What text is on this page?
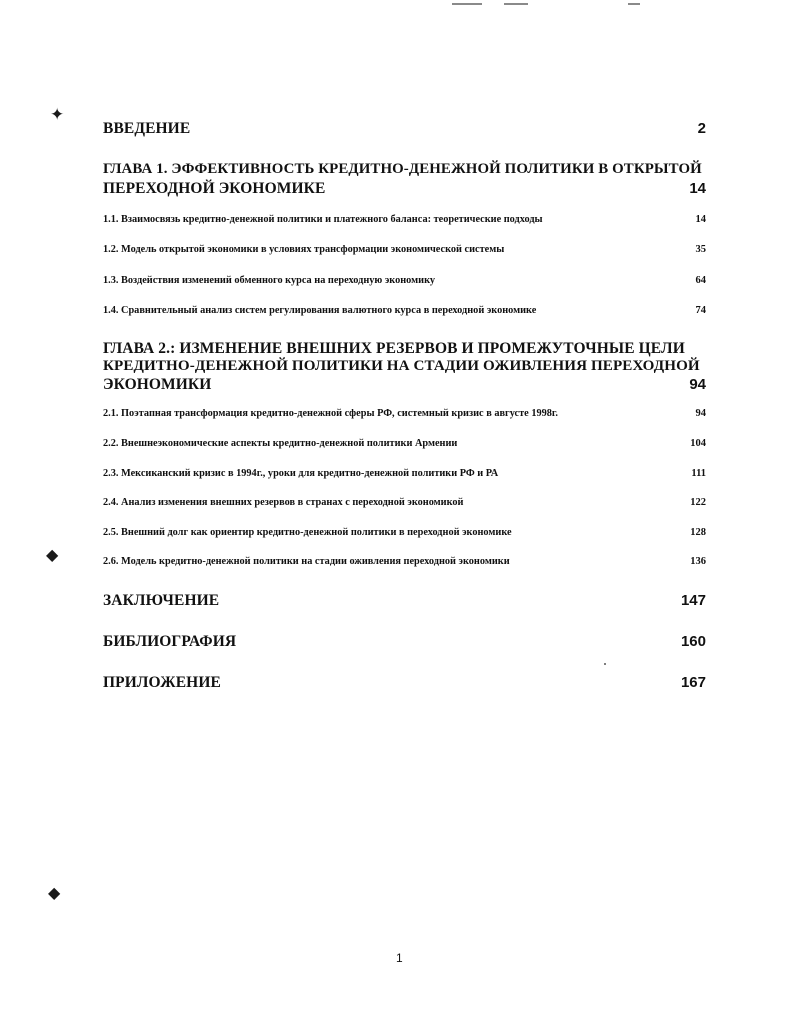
✦
◆
◆
ВВЕДЕНИЕ	2
ГЛАВА 1. ЭФФЕКТИВНОСТЬ КРЕДИТНО-ДЕНЕЖНОЙ ПОЛИТИКИ В ОТКРЫТОЙ
ПЕРЕХОДНОЙ ЭКОНОМИКЕ	14
1.1. Взаимосвязь кредитно-денежной политики и платежного баланса: теоретические подходы	14
1.2. Модель открытой экономики в условиях трансформации экономической системы	35
1.3. Воздействия изменений обменного курса на переходную экономику	64
1.4. Сравнительный анализ систем регулирования валютного курса в переходной экономике	74
ГЛАВА 2.: ИЗМЕНЕНИЕ ВНЕШНИХ РЕЗЕРВОВ И ПРОМЕЖУТОЧНЫЕ ЦЕЛИ
КРЕДИТНО-ДЕНЕЖНОЙ ПОЛИТИКИ НА СТАДИИ ОЖИВЛЕНИЯ ПЕРЕХОДНОЙ
ЭКОНОМИКИ	94
2.1. Поэтапная трансформация кредитно-денежной сферы РФ, системный кризис в августе 1998г.	94
2.2. Внешнеэкономические аспекты кредитно-денежной политики Армении	104
2.3. Мексиканский кризис в 1994г., уроки для кредитно-денежной политики РФ и РА	111
2.4. Анализ изменения внешних резервов в странах с переходной экономикой	122
2.5. Внешний долг как ориентир кредитно-денежной политики в переходной экономике	128
2.6. Модель кредитно-денежной политики на стадии оживления переходной экономики	136
ЗАКЛЮЧЕНИЕ	147
БИБЛИОГРАФИЯ	160
ПРИЛОЖЕНИЕ	167
1
